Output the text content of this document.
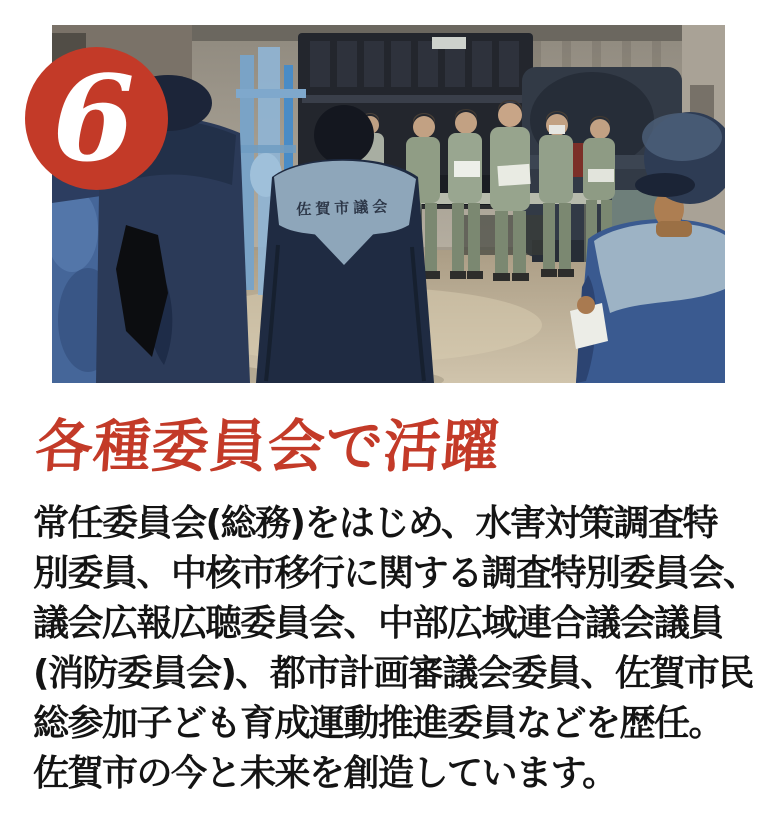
佐賀市議会
6
各種委員会で活躍
常任委員会(総務)をはじめ、水害対策調査特
別委員、中核市移行に関する調査特別委員会、
議会広報広聴委員会、中部広域連合議会議員
(消防委員会)、都市計画審議会委員、佐賀市民
総参加子ども育成運動推進委員などを歴任。
佐賀市の今と未来を創造しています。
